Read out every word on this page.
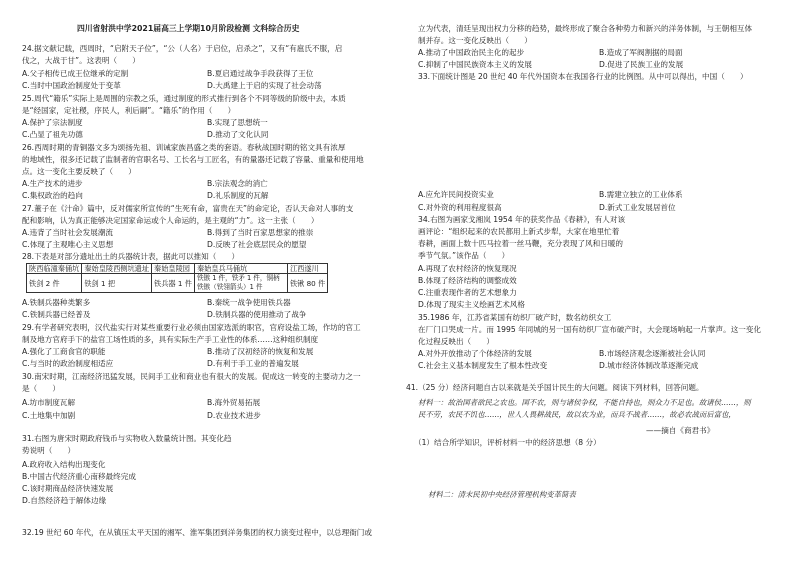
四川省射洪中学2021届高三上学期10月阶段检测 文科综合历史
24.据文献记载，西周时，“启附天子位”，“公（人名）于启位，启杀之”，又有“有扈氏不服，启
伐之，大战于甘”。这表明（　　）
A.父子相传已成王位继承的定制	B.夏启通过战争手段获得了王位
C.当时中国政治制度处于变革	D.大禹建上于启的实现了社会动荡
25.周代“籍乐”实际上是周围的宗教之乐，通过制度的形式推行到各个不同等级的阶级中去，本质
是“经国家，定社稷，序民人，利后嗣”。“籍乐”的作用（　　）
A.保护了宗法制度	B.实现了思想统一
C.凸显了祖先功德	D.推动了文化认同
26.西周时期的青铜器文多为颂扬先祖、训诫家族昌盛之类的套语。春秋战国时期的铭文具有浓厚
的地域性，很多还记载了监制者的官职名号、工长名与工匠名，有的量器还记载了容量、重量和使用地
点。这一变化主要反映了（　　）
A.生产技术的进步	B.宗法观念的消亡
C.集权政治的趋向	D.礼乐制度的瓦解
27.董子在《汁命》篇中，反对儒家所宣传的“生死有命，富贵在天”的命定论，否认天命对人事的支
配和影响，认为真正能够决定国家命运或个人命运的，是主观的“力”。这一主张（　　）
A.违背了当时社会发展潮流	B.得到了当时百家思想家的推崇
C.体现了主观唯心主义思想	D.反映了社会底层民众的愿望
28.下表是对部分遗址出土的兵器统计表，据此可以推知（　　）
陕西临潼秦俑坑	秦始皇陵西侧坑遗址	秦始皇陵园	秦始皇兵马俑坑	江西遂川
铁剑 2 件	铁剑 1 把	铁兵器 1 件	铁镞 1 件，铁矛 1 件，铜柄铁镞（铁翎箭头）1 件	铁锹 80 件
A.铁制兵器种类繁多	B.秦统一战争使用铁兵器
C.铁制兵器已经普及	D.铁制兵器的使用推动了战争
29.有学者研究表明，汉代盐实行对某些重要行业必须由国家选派的职官，官府设盐工场，作坊的官工
制及地方官府手下的盐官工场性质的多，具有实际生产手工业性的体系……这种组织制度
A.强化了工商食官的职能	B.推动了汉初经济的恢复和发展
C.与当时的政治制度相适应	D.有利于手工业的普遍发展
30.南宋时期，江南经济迅猛发展，民间手工业和商业也有很大的发展。促成这一转变的主要动力之一
是（　　）
A.坊市制度瓦解	B.海外贸易拓展
C.土地集中加剧	D.农业技术进步
31.右图为唐宋时期政府钱币与实物收入数量统计图。其变化趋
势说明（　　）
A.政府收入结构出现变化
B.中国古代经济重心南移最终完成
C.该时期商品经济快速发展
D.自然经济趋于解体边缘
32.19 世纪 60 年代，在从镇压太平天国的湘军、淮军集团到洋务集团的权力演变过程中，以总理衙门或
立为代表，清廷呈现出权力分移的趋势，最终形成了聚合各种势力和新兴的洋务体制，与王朝相互体
制并存。这一变化反映出（　　）
A.推动了中国政治民主化的起步	B.造成了军阀割据的局面
C.抑制了中国民族资本主义的发展	D.促进了民族工业的发展
33.下面统计图是 20 世纪 40 年代外国资本在我国各行业的比例图。从中可以得出，中国（　　）
A.应允许民间投资实业	B.需建立独立的工业体系
C.对外资的利用程度很高	D.新式工业发展居首位
34.右图为画家戈湘岚 1954 年的获奖作品《春耕》，有人对该
画评论：“组织起来的农民都用上新式步犁，大家在地里忙着
春耕，画面上数十匹马拉着一丝马鞭，充分表现了风和日暖的
季节气氛。”该作品（　　）
A.再现了农村经济的恢复现况
B.体现了经济结构的调整成效
C.注重表现作者的艺术想象力
D.体现了现实主义绘画艺术风格
35.1986 年，江苏省某国有纺织厂破产时，数名纺织女工
在厂门口哭成一片。而 1995 年同城的另一国有纺织厂宣布破产时，大会现场响起一片掌声。这一变化
化过程反映出（　　）
A.对外开放推动了个体经济的发展	B.市场经济观念逐渐被社会认同
C.社会主义基本制度发生了根本性改变	D.城市经济体制改革逐渐完成
41.（25 分）经济问题自古以来就是关乎国计民生的大问题。阅读下列材料，回答问题。
材料一：故治国者欲民之农也。国不农，则与诸侯争权，不能自持也，则众力不足也。故诸侯……，则
民不劳，农民不饥也……，世人人畏耕战民，故以农为业，而兵不战者……，故必农战而后富也，
——摘自《商君书》
（1）结合所学知识，评析材料一中的经济思想（8 分）
材料二：清末民初中央经济管理机构变革简表
